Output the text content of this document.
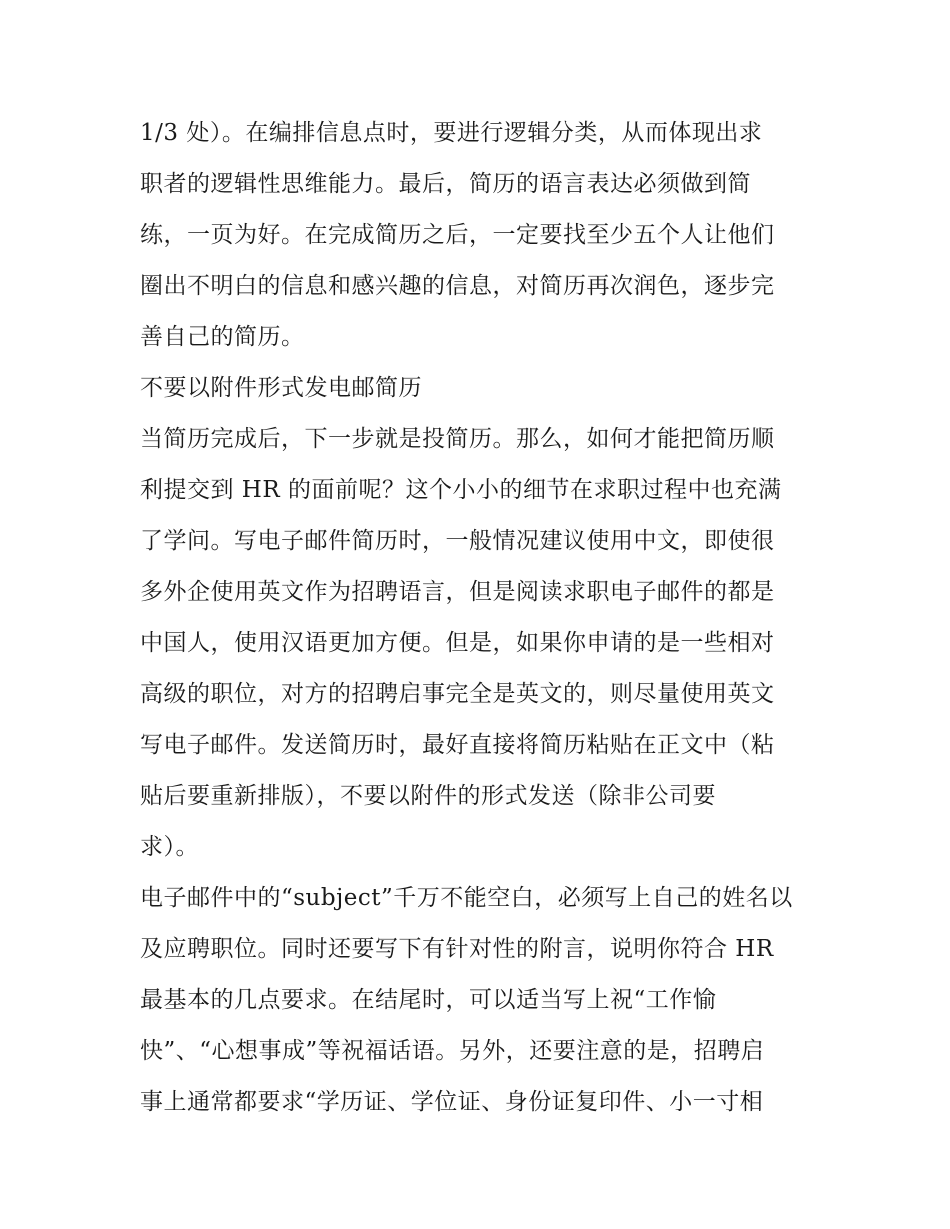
1/3 处）。在编排信息点时，要进行逻辑分类，从而体现出求
职者的逻辑性思维能力。最后，简历的语言表达必须做到简
练，一页为好。在完成简历之后，一定要找至少五个人让他们
圈出不明白的信息和感兴趣的信息，对简历再次润色，逐步完
善自己的简历。

不要以附件形式发电邮简历

当简历完成后，下一步就是投简历。那么，如何才能把简历顺
利提交到 HR 的面前呢？这个小小的细节在求职过程中也充满
了学问。写电子邮件简历时，一般情况建议使用中文，即使很
多外企使用英文作为招聘语言，但是阅读求职电子邮件的都是
中国人，使用汉语更加方便。但是，如果你申请的是一些相对
高级的职位，对方的招聘启事完全是英文的，则尽量使用英文
写电子邮件。发送简历时，最好直接将简历粘贴在正文中（粘
贴后要重新排版），不要以附件的形式发送（除非公司要
求）。

电子邮件中的“subject”千万不能空白，必须写上自己的姓名以
及应聘职位。同时还要写下有针对性的附言，说明你符合 HR
最基本的几点要求。在结尾时，可以适当写上祝“工作愉
快”、“心想事成”等祝福话语。另外，还要注意的是，招聘启
事上通常都要求“学历证、学位证、身份证复印件、小一寸相
